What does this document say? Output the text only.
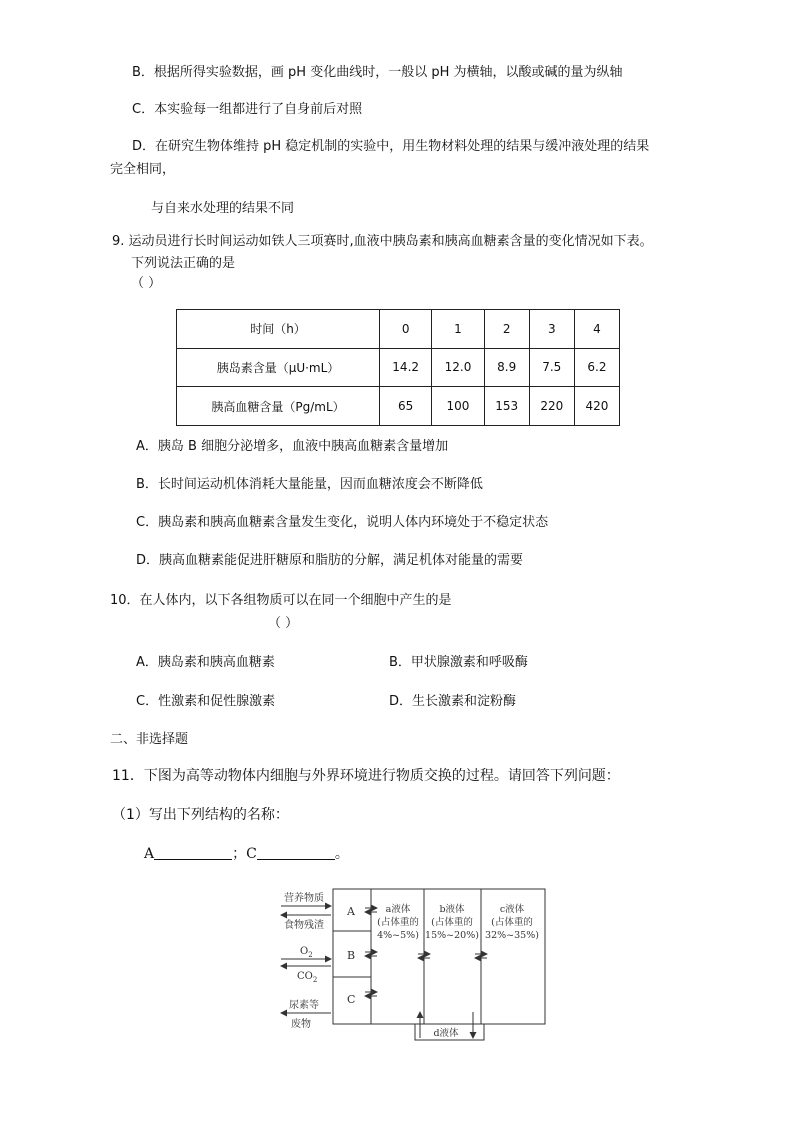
B．根据所得实验数据，画 pH 变化曲线时，一般以 pH 为横轴，以酸或碱的量为纵轴
C．本实验每一组都进行了自身前后对照
D．在研究生物体维持 pH 稳定机制的实验中，用生物材料处理的结果与缓冲液处理的结果
完全相同，
与自来水处理的结果不同
9. 运动员进行长时间运动如铁人三项赛时,血液中胰岛素和胰高血糖素含量的变化情况如下表。
下列说法正确的是
（ ）
时间（h）	0	1	2	3	4
胰岛素含量（μU·mL）	14.2	12.0	8.9	7.5	6.2
胰高血糖含量（Pg/mL）	65	100	153	220	420
A．胰岛 B 细胞分泌增多，血液中胰高血糖素含量增加
B．长时间运动机体消耗大量能量，因而血糖浓度会不断降低
C．胰岛素和胰高血糖素含量发生变化，说明人体内环境处于不稳定状态
D．胰高血糖素能促进肝糖原和脂肪的分解，满足机体对能量的需要
10．在人体内，以下各组物质可以在同一个细胞中产生的是
（ ）
A．胰岛素和胰高血糖素	B．甲状腺激素和呼吸酶
C．性激素和促性腺激素	D．生长激素和淀粉酶
二、非选择题
11．下图为高等动物体内细胞与外界环境进行物质交换的过程。请回答下列问题：
（1）写出下列结构的名称：
A	；C	。
营养物质
食物残渣
$O_2$
$CO_2$
尿素等
废物
A
B
C
a液体
(占体重的
4%~5%)
b液体
(占体重的
15%~20%)
c液体
(占体重的
32%~35%)
d液体
